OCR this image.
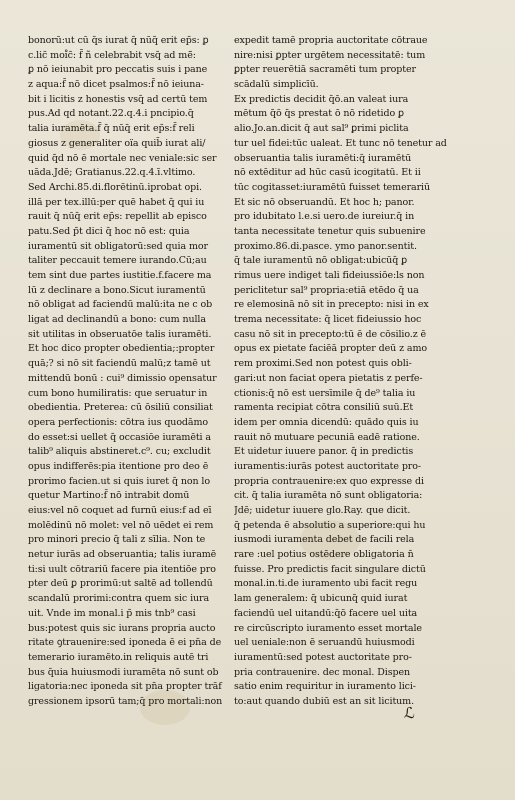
bonorū:ut cū q̄s iurat q̄ nūq̄ erit ep̄s: ꝑ
c.lic̄ moi̊c̄: f̄ ñ celebrabit vsq̄ ad mē̄:
ꝑ nō ieiunabit pro peccatis suis i pane
z aqua:f̄ nō dicet psalmos:f̄ nō ieiuna-
bit i licitis z honestis vsq̄ ad certū tem
pus.Ad qd notant.22.q.4.i pncipio.q̄
talia iuramēta.f̄ q̄ nūq̄ erit ep̄s:f̄ reli
giosus z generaliter oïa quib̄ iurat ali/
quid q̄d nō ē mortale nec veniale:sic ser
uāda.Jdē; Gratianus.22.q.4.ī.vltimo.
Sed Archi.85.di.florētinū.iprobat opi.
illā per tex.illū:per quē habet q̄ qui iu
rauit q̄ nūq̄ erit ep̄s: repellit ab episco
patu.Sed p̄t dici q̄ hoc nō est: quia
iuramentū sit obligatorū:sed quia mor
taliter peccauit temere iurando.Cū;au
tem sint due partes iustitie.f.facere ma
lū z declinare a bono.Sicut iuramentū
nō obligat ad faciendū malū:ita ne c ob
ligat ad declinandū a bono: cum nulla
sit utilitas in obseruatōe talis iuramēti.
Et hoc dico propter obedientia;:propter
quā;? si nō sit faciendū malū;z tamē ut
mittendū bonū : cui⁹ dimissio opensatur
cum bono humiliratis: que seruatur in
obedientia. Preterea: cū ōsiliū consiliat
opera perfectionis: cōtra ius quodāmo
do esset:si uellet q̄ occasiōe iuramēti a
talib⁹ aliquis abstineret.c⁹. cu; excludit
opus indifferēs:pia itentione pro deo ē
prorimo facien.ut si quis iuret q̄ non lo
quetur Martino:f̄ nō intrabit domū
eius:vel nō coquet ad furnū eius:f ad eī
molēdinū nō molet: vel nō uēdet ei rem
pro minori precio q̄ tali z sīlia. Non te
netur iurās ad obseruantia; talis iuramē
ti:si uult cōtrariū facere pia itentiōe pro
pter deū ꝑ prorimū:ut saltē ad tollendū
scandalū prorimi:contra quem sic iura
uit. Vnde im monal.i p̄ mis tnb⁹ casi
bus:potest quis sic iurans propria aucto
ritate ꝯtrauenire:sed iponeda ē ei pn̄a de
temerario iuramēto.in reliquis autē tri
bus q̄uia huiusmodi iuramēta nō sunt ob
ligatoria:nec iponeda sit pn̄a propter trāf
gressionem ipsorū tam;q̄ pro mortali:non
expedit tamē propria auctoritate cōtraue
nire:nisi ꝑpter urgētem necessitatē: tum
ꝑpter reuerētiā sacramēti tum propter
scādalū simplicīū.
Ex predictis decidit q̄ō.an valeat iura
mētum q̄ō q̄s prestat ō nō ridetido ꝑ
alio.Jo.an.dicit q̄ aut sal⁹ ꝑrimi piclita
tur uel fidei:tūc ualeat. Et tunc nō tenetur ad
obseruantia talis iuramēti:q̄ iuramētū
nō extēditur ad hūc casū icogitatū. Et ii
tūc cogitasset:iuramētū fuisset temerariū
Et sic nō obseruandū. Et hoc h; panor.
pro idubitato l.e.si uero.de iureiur.q̄ in
tanta necessitate tenetur quis subuenire
proximo.86.di.pasce. ymo panor.sentit.
q̄ tale iuramentū nō obligat:ubicūq̄ ꝑ
rimus uere indiget tali fideiussiōe:ls non
periclitetur sal⁹ propria:etiā etēdo q̄ ua
re elemosinā nō sit in precepto: nisi in ex
trema necessitate: q̄ licet fideiussio hoc
casu nō sit in precepto:tū ē de cōsilio.z ē
opus ex pietate faciēā propter deū z amo
rem proximi.Sed non potest quis obli-
gari:ut non faciat opera pietatis z perfe-
ctionis:q̄ nō est uersīmile q̄ de⁹ talia iu
ramenta recipiat cōtra consiliū suū.Et
idem per omnia dicendū: quādo quis iu
rauit nō mutuare pecuniā eadē ratione.
Et uidetur iuuere panor. q̄ in predictis
iuramentis:iurās potest auctoritate pro-
propria contrauenire:ex quo expresse di
cit. q̄ talia iuramēta nō sunt obligatoria:
Jdē; uidetur iuuere glo.Ray. que dicit.
q̄ petenda ē absolutio a superiore:qui hu
iusmodi iuramenta debet de facili rela
rare :uel potius ostēdere obligatoria n̄
fuisse. Pro predictis facit singulare dictū
monal.in.ti.de iuramento ubi facit regu
lam generalem: q̄ ubicunq̄ quid iurat
faciendū uel uitandū:q̄ō facere uel uita
re circūscripto iuramento esset mortale
uel ueniale:non ē seruandū huiusmodi
iuramentū:sed potest auctoritate pro-
pria contrauenire. dec monal. Dispen
satio enim requiritur in iuramento lici-
to:aut quando dubiū est an sit licitum.
ℒ
